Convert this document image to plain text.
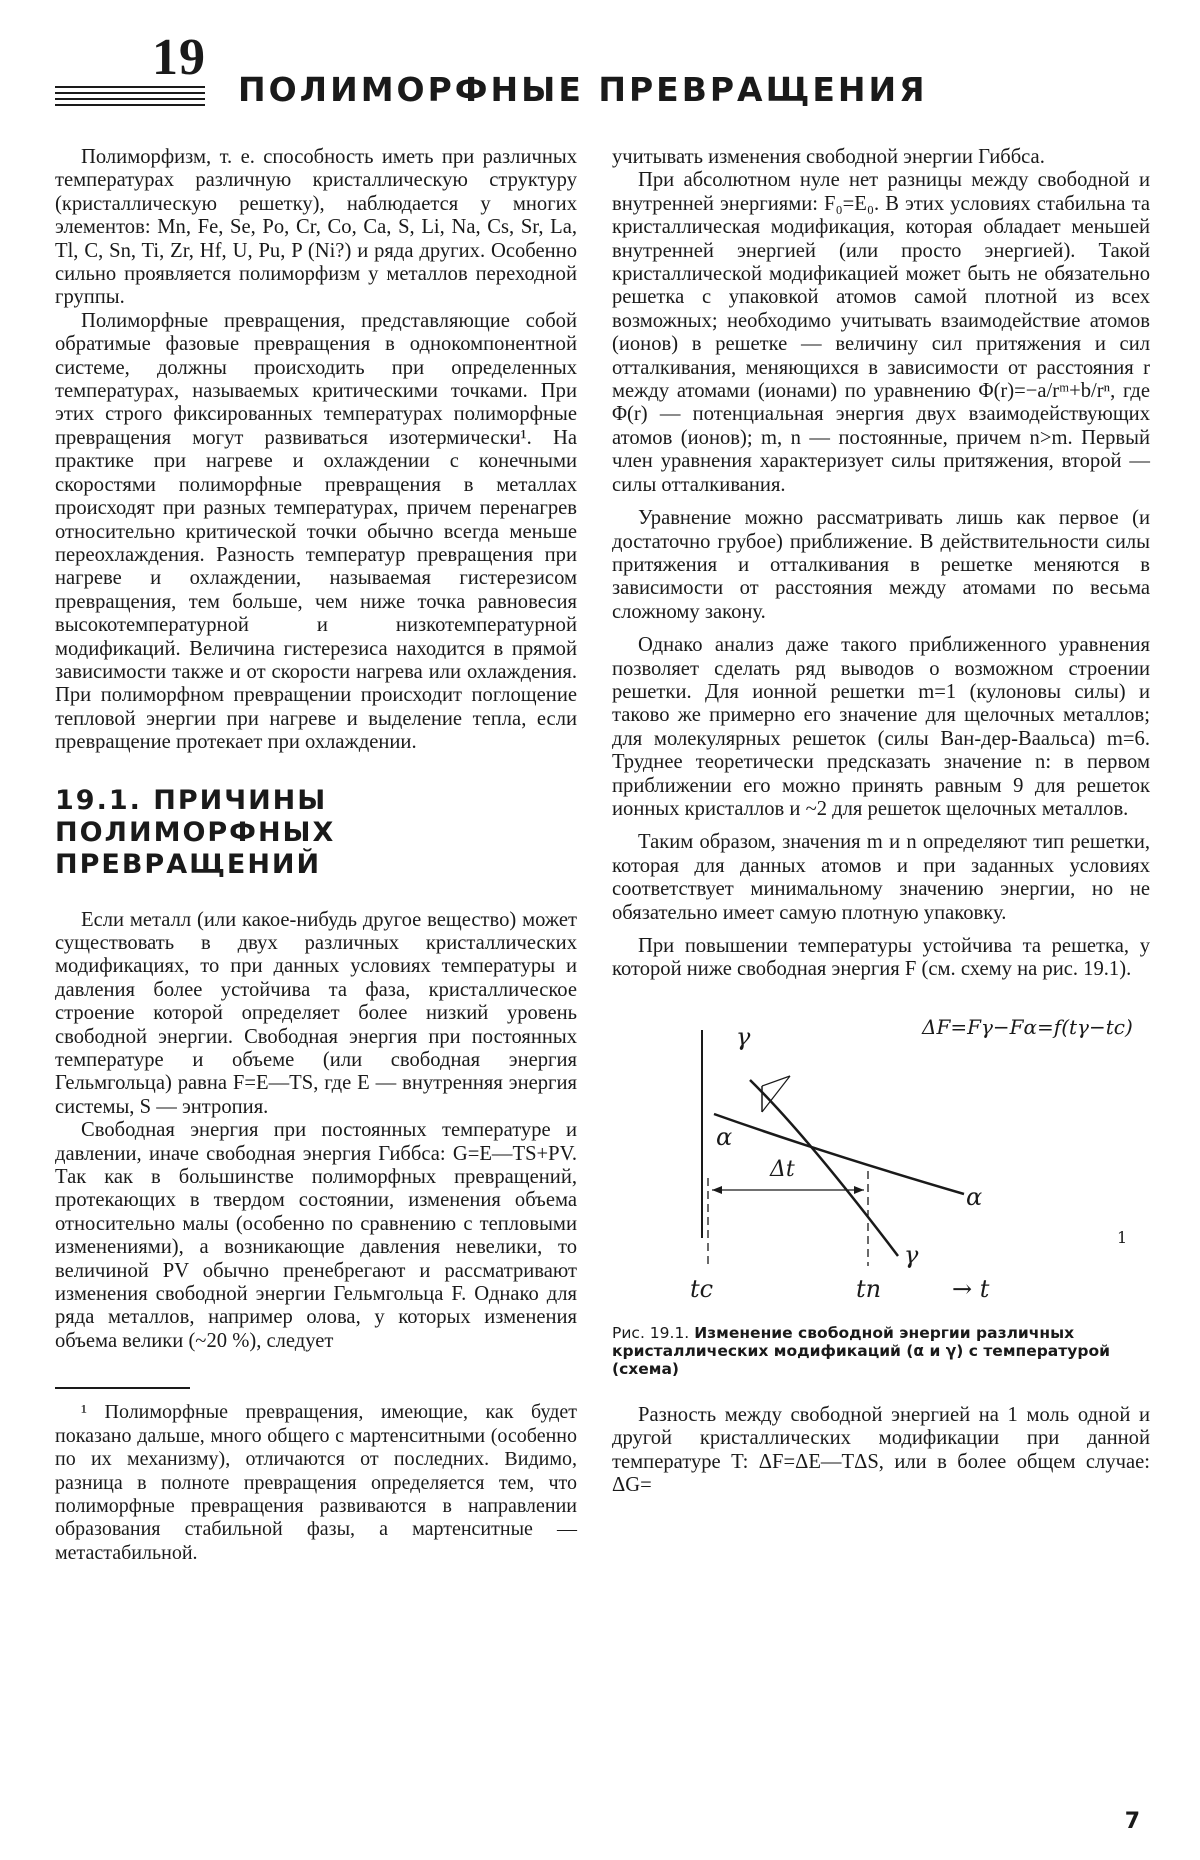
19
ПОЛИМОРФНЫЕ ПРЕВРАЩЕНИЯ

Полиморфизм, т. е. способность иметь при различных температурах различную кристаллическую структуру (кристаллическую решетку), наблюдается у многих элементов: Mn, Fe, Se, Po, Cr, Co, Ca, S, Li, Na, Cs, Sr, La, Tl, C, Sn, Ti, Zr, Hf, U, Pu, P (Ni?) и ряда других. Особенно сильно проявляется полиморфизм у металлов переходной группы.

Полиморфные превращения, представляющие собой обратимые фазовые превращения в однокомпонентной системе, должны происходить при определенных температурах, называемых критическими точками. При этих строго фиксированных температурах полиморфные превращения могут развиваться изотермически¹. На практике при нагреве и охлаждении с конечными скоростями полиморфные превращения в металлах происходят при разных температурах, причем перенагрев относительно критической точки обычно всегда меньше переохлаждения. Разность температур превращения при нагреве и охлаждении, называемая гистерезисом превращения, тем больше, чем ниже точка равновесия высокотемпературной и низкотемпературной модификаций. Величина гистерезиса находится в прямой зависимости также и от скорости нагрева или охлаждения. При полиморфном превращении происходит поглощение тепловой энергии при нагреве и выделение тепла, если превращение протекает при охлаждении.

19.1. ПРИЧИНЫ ПОЛИМОРФНЫХ ПРЕВРАЩЕНИЙ

Если металл (или какое-нибудь другое вещество) может существовать в двух различных кристаллических модификациях, то при данных условиях температуры и давления более устойчива та фаза, кристаллическое строение которой определяет более низкий уровень свободной энергии. Свободная энергия при постоянных температуре и объеме (или свободная энергия Гельмгольца) равна F=E—TS, где E — внутренняя энергия системы, S — энтропия.

Свободная энергия при постоянных температуре и давлении, иначе свободная энергия Гиббса: G=E—TS+PV. Так как в большинстве полиморфных превращений, протекающих в твердом состоянии, изменения объема относительно малы (особенно по сравнению с тепловыми изменениями), а возникающие давления невелики, то величиной PV обычно пренебрегают и рассматривают изменения свободной энергии Гельмгольца F. Однако для ряда металлов, например олова, у которых изменения объема велики (~20 %), следует

¹ Полиморфные превращения, имеющие, как будет показано дальше, много общего с мартенситными (особенно по их механизму), отличаются от последних. Видимо, разница в полноте превращения определяется тем, что полиморфные превращения развиваются в направлении образования стабильной фазы, а мартенситные — метастабильной.

учитывать изменения свободной энергии Гиббса.

При абсолютном нуле нет разницы между свободной и внутренней энергиями: F₀=E₀. В этих условиях стабильна та кристаллическая модификация, которая обладает меньшей внутренней энергией (или просто энергией). Такой кристаллической модификацией может быть не обязательно решетка с упаковкой атомов самой плотной из всех возможных; необходимо учитывать взаимодействие атомов (ионов) в решетке — величину сил притяжения и сил отталкивания, меняющихся в зависимости от расстояния r между атомами (ионами) по уравнению Φ(r)=−a/rᵐ+b/rⁿ, где Φ(r) — потенциальная энергия двух взаимодействующих атомов (ионов); m, n — постоянные, причем n>m. Первый член уравнения характеризует силы притяжения, второй — силы отталкивания.

Уравнение можно рассматривать лишь как первое (и достаточно грубое) приближение. В действительности силы притяжения и отталкивания в решетке меняются в зависимости от расстояния между атомами по весьма сложному закону.

Однако анализ даже такого приближенного уравнения позволяет сделать ряд выводов о возможном строении решетки. Для ионной решетки m=1 (кулоновы силы) и таково же примерно его значение для щелочных металлов; для молекулярных решеток (силы Ван-дер-Ваальса) m=6. Труднее теоретически предсказать значение n: в первом приближении его можно принять равным 9 для решеток ионных кристаллов и ~2 для решеток щелочных металлов.

Таким образом, значения m и n определяют тип решетки, которая для данных атомов и при заданных условиях соответствует минимальному значению энергии, но не обязательно имеет самую плотную упаковку.

При повышении температуры устойчива та решетка, у которой ниже свободная энергия F (см. схему на рис. 19.1).

ΔF=Fγ−Fα=f(tγ−tc)
γ
α
Δt
α
γ
1
tc	tп	→ t
Рис. 19.1. Изменение свободной энергии различных кристаллических модификаций (α и γ) с температурой (схема)

Разность между свободной энергией на 1 моль одной и другой кристаллических модификации при данной температуре T: ΔF=ΔE—TΔS, или в более общем случае: ΔG=

7
